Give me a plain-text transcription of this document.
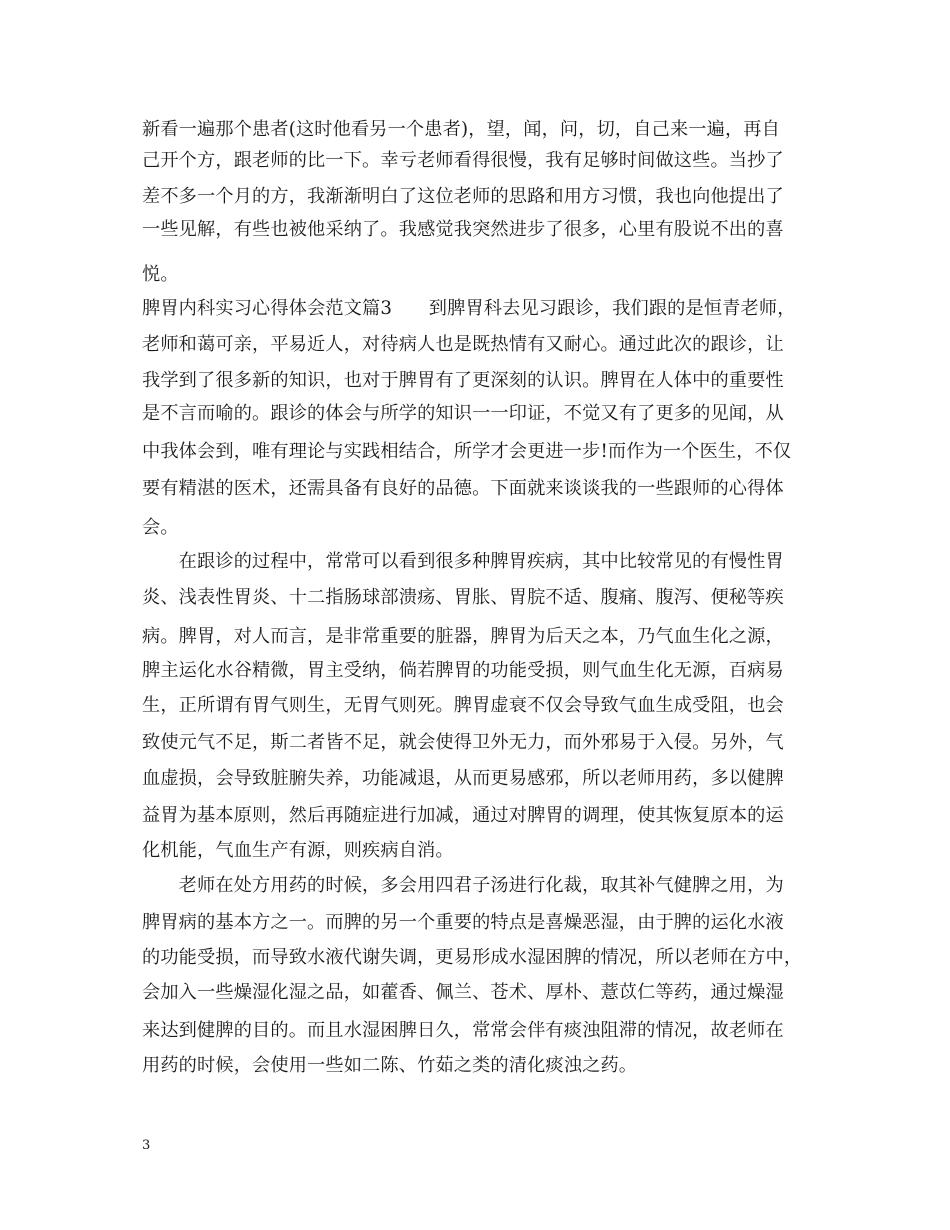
新看一遍那个患者(这时他看另一个患者)，望，闻，问，切，自己来一遍，再自
己开个方，跟老师的比一下。幸亏老师看得很慢，我有足够时间做这些。当抄了
差不多一个月的方，我渐渐明白了这位老师的思路和用方习惯，我也向他提出了
一些见解，有些也被他采纳了。我感觉我突然进步了很多，心里有股说不出的喜
悦。
脾胃内科实习心得体会范文篇3　　到脾胃科去见习跟诊，我们跟的是恒青老师，
老师和蔼可亲，平易近人，对待病人也是既热情有又耐心。通过此次的跟诊，让
我学到了很多新的知识，也对于脾胃有了更深刻的认识。脾胃在人体中的重要性
是不言而喻的。跟诊的体会与所学的知识一一印证，不觉又有了更多的见闻，从
中我体会到，唯有理论与实践相结合，所学才会更进一步!而作为一个医生，不仅
要有精湛的医术，还需具备有良好的品德。下面就来谈谈我的一些跟师的心得体
会。
　　在跟诊的过程中，常常可以看到很多种脾胃疾病，其中比较常见的有慢性胃
炎、浅表性胃炎、十二指肠球部溃疡、胃胀、胃脘不适、腹痛、腹泻、便秘等疾
病。脾胃，对人而言，是非常重要的脏器，脾胃为后天之本，乃气血生化之源，
脾主运化水谷精微，胃主受纳，倘若脾胃的功能受损，则气血生化无源，百病易
生，正所谓有胃气则生，无胃气则死。脾胃虚衰不仅会导致气血生成受阻，也会
致使元气不足，斯二者皆不足，就会使得卫外无力，而外邪易于入侵。另外，气
血虚损，会导致脏腑失养，功能减退，从而更易感邪，所以老师用药，多以健脾
益胃为基本原则，然后再随症进行加减，通过对脾胃的调理，使其恢复原本的运
化机能，气血生产有源，则疾病自消。
　　老师在处方用药的时候，多会用四君子汤进行化裁，取其补气健脾之用，为
脾胃病的基本方之一。而脾的另一个重要的特点是喜燥恶湿，由于脾的运化水液
的功能受损，而导致水液代谢失调，更易形成水湿困脾的情况，所以老师在方中，
会加入一些燥湿化湿之品，如藿香、佩兰、苍术、厚朴、薏苡仁等药，通过燥湿
来达到健脾的目的。而且水湿困脾日久，常常会伴有痰浊阻滞的情况，故老师在
用药的时候，会使用一些如二陈、竹茹之类的清化痰浊之药。
3
